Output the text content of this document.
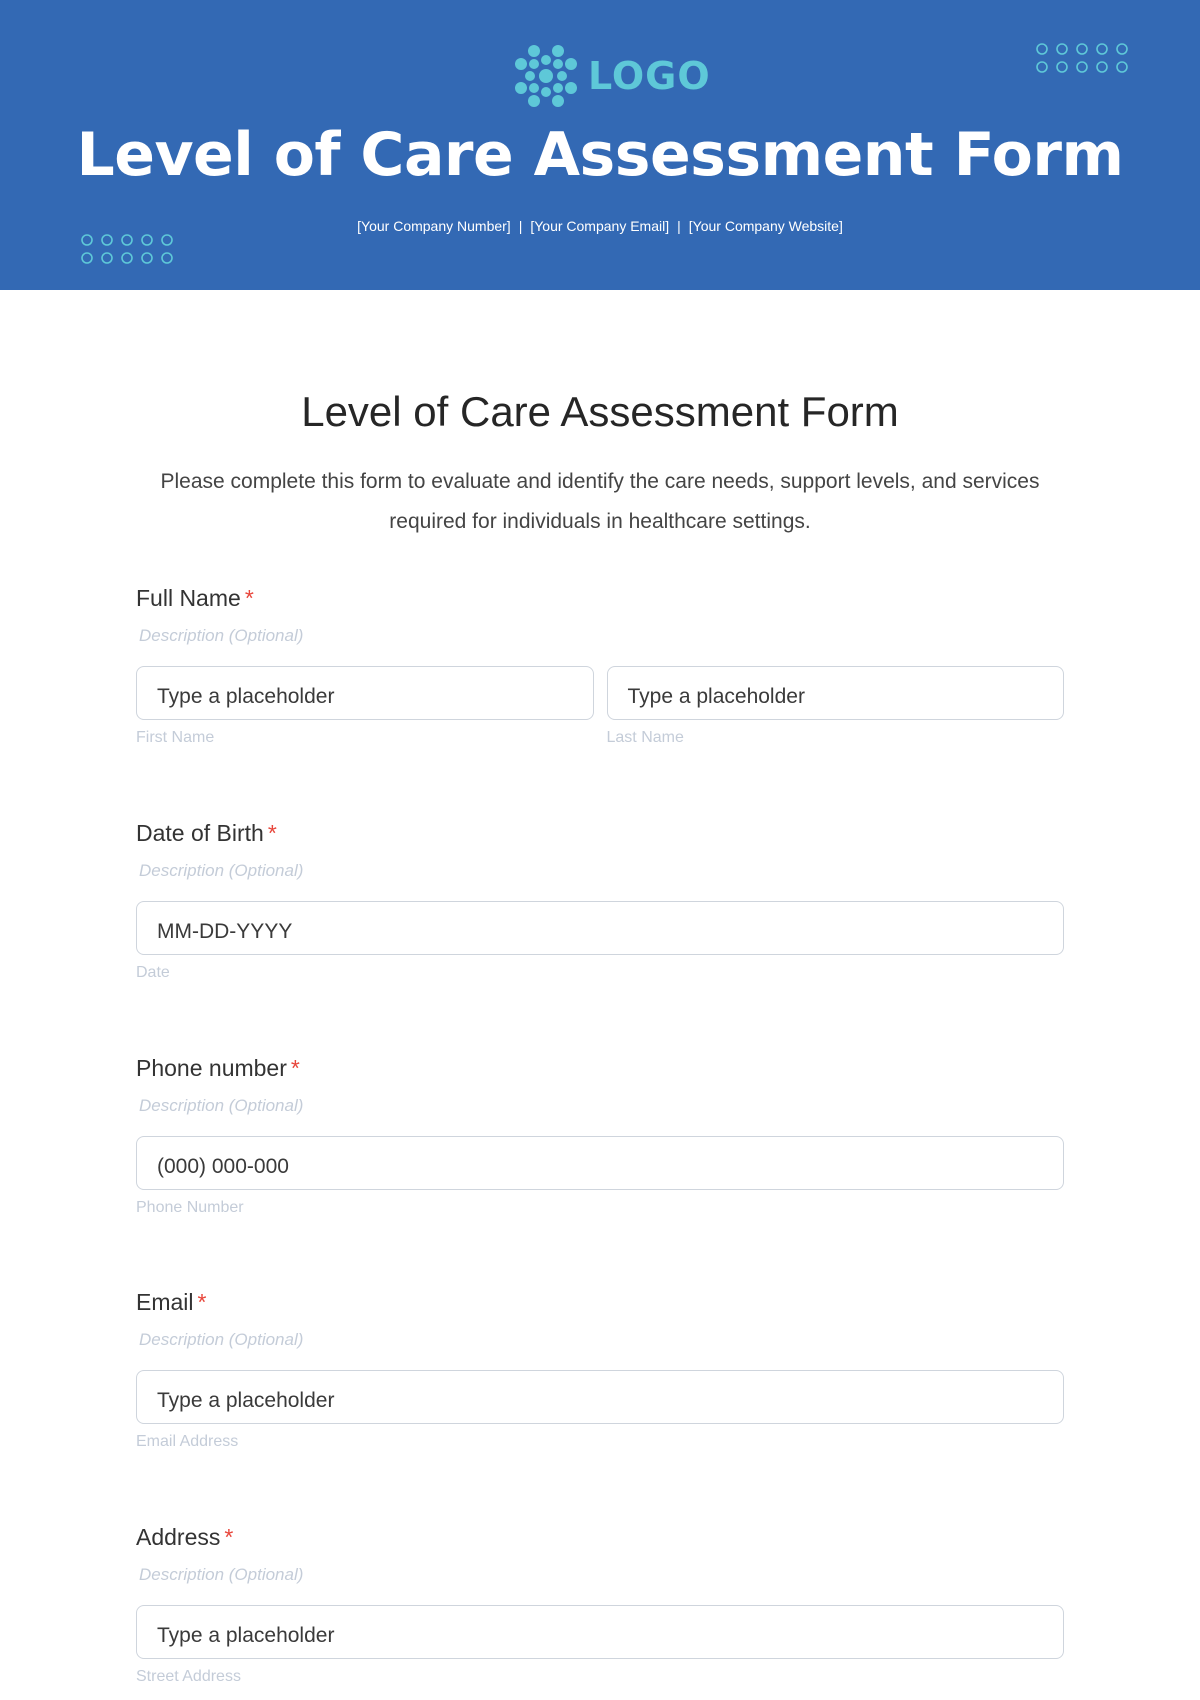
LOGO
Level of Care Assessment Form
[Your Company Number] | [Your Company Email] | [Your Company Website]
Level of Care Assessment Form

Please complete this form to evaluate and identify the care needs, support levels, and services required for individuals in healthcare settings.

Full Name *
Description (Optional)
Type a placeholder
First Name
Type a placeholder
Last Name
Date of Birth *
Description (Optional)
MM-DD-YYYY
Date
Phone number *
Description (Optional)
(000) 000-000
Phone Number
Email *
Description (Optional)
Type a placeholder
Email Address
Address *
Description (Optional)
Type a placeholder
Street Address
